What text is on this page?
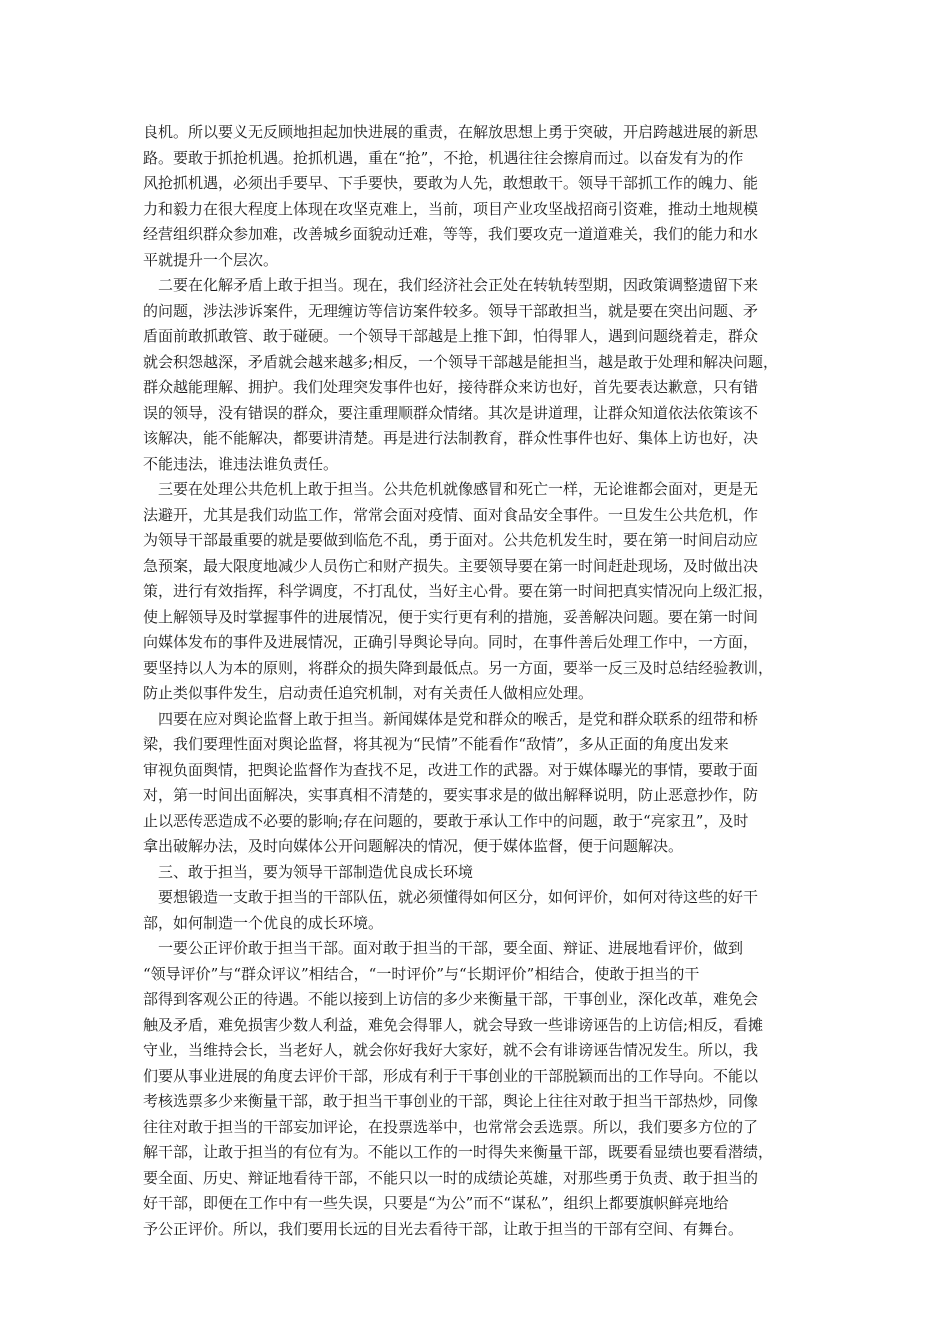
良机。所以要义无反顾地担起加快进展的重责，在解放思想上勇于突破，开启跨越进展的新思
路。要敢于抓抢机遇。抢抓机遇，重在“抢”，不抢，机遇往往会擦肩而过。以奋发有为的作
风抢抓机遇，必须出手要早、下手要快，要敢为人先，敢想敢干。领导干部抓工作的魄力、能
力和毅力在很大程度上体现在攻坚克难上，当前，项目产业攻坚战招商引资难，推动土地规模
经营组织群众参加难，改善城乡面貌动迁难，等等，我们要攻克一道道难关，我们的能力和水
平就提升一个层次。
二要在化解矛盾上敢于担当。现在，我们经济社会正处在转轨转型期，因政策调整遗留下来
的问题，涉法涉诉案件，无理缠访等信访案件较多。领导干部敢担当，就是要在突出问题、矛
盾面前敢抓敢管、敢于碰硬。一个领导干部越是上推下卸，怕得罪人，遇到问题绕着走，群众
就会积怨越深，矛盾就会越来越多;相反，一个领导干部越是能担当，越是敢于处理和解决问题，
群众越能理解、拥护。我们处理突发事件也好，接待群众来访也好，首先要表达歉意，只有错
误的领导，没有错误的群众，要注重理顺群众情绪。其次是讲道理，让群众知道依法依策该不
该解决，能不能解决，都要讲清楚。再是进行法制教育，群众性事件也好、集体上访也好，决
不能违法，谁违法谁负责任。
三要在处理公共危机上敢于担当。公共危机就像感冒和死亡一样，无论谁都会面对，更是无
法避开，尤其是我们动监工作，常常会面对疫情、面对食品安全事件。一旦发生公共危机，作
为领导干部最重要的就是要做到临危不乱，勇于面对。公共危机发生时，要在第一时间启动应
急预案，最大限度地减少人员伤亡和财产损失。主要领导要在第一时间赶赴现场，及时做出决
策，进行有效指挥，科学调度，不打乱仗，当好主心骨。要在第一时间把真实情况向上级汇报，
使上解领导及时掌握事件的进展情况，便于实行更有利的措施，妥善解决问题。要在第一时间
向媒体发布的事件及进展情况，正确引导舆论导向。同时，在事件善后处理工作中，一方面，
要坚持以人为本的原则，将群众的损失降到最低点。另一方面，要举一反三及时总结经验教训，
防止类似事件发生，启动责任追究机制，对有关责任人做相应处理。
四要在应对舆论监督上敢于担当。新闻媒体是党和群众的喉舌，是党和群众联系的纽带和桥
梁，我们要理性面对舆论监督，将其视为“民情”不能看作“敌情”，多从正面的角度出发来
审视负面舆情，把舆论监督作为查找不足，改进工作的武器。对于媒体曝光的事情，要敢于面
对，第一时间出面解决，实事真相不清楚的，要实事求是的做出解释说明，防止恶意抄作，防
止以恶传恶造成不必要的影响;存在问题的，要敢于承认工作中的问题，敢于“亮家丑”，及时
拿出破解办法，及时向媒体公开问题解决的情况，便于媒体监督，便于问题解决。
三、敢于担当，要为领导干部制造优良成长环境
要想锻造一支敢于担当的干部队伍，就必须懂得如何区分，如何评价，如何对待这些的好干
部，如何制造一个优良的成长环境。
一要公正评价敢于担当干部。面对敢于担当的干部，要全面、辩证、进展地看评价，做到
“领导评价”与“群众评议”相结合，“一时评价”与“长期评价”相结合，使敢于担当的干
部得到客观公正的待遇。不能以接到上访信的多少来衡量干部，干事创业，深化改革，难免会
触及矛盾，难免损害少数人利益，难免会得罪人，就会导致一些诽谤诬告的上访信;相反，看摊
守业，当维持会长，当老好人，就会你好我好大家好，就不会有诽谤诬告情况发生。所以，我
们要从事业进展的角度去评价干部，形成有利于干事创业的干部脱颖而出的工作导向。不能以
考核选票多少来衡量干部，敢于担当干事创业的干部，舆论上往往对敢于担当干部热炒，同像
往往对敢于担当的干部妄加评论，在投票选举中，也常常会丢选票。所以，我们要多方位的了
解干部，让敢于担当的有位有为。不能以工作的一时得失来衡量干部，既要看显绩也要看潜绩，
要全面、历史、辩证地看待干部，不能只以一时的成绩论英雄，对那些勇于负责、敢于担当的
好干部，即便在工作中有一些失误，只要是“为公”而不“谋私”，组织上都要旗帜鲜亮地给
予公正评价。所以，我们要用长远的目光去看待干部，让敢于担当的干部有空间、有舞台。
